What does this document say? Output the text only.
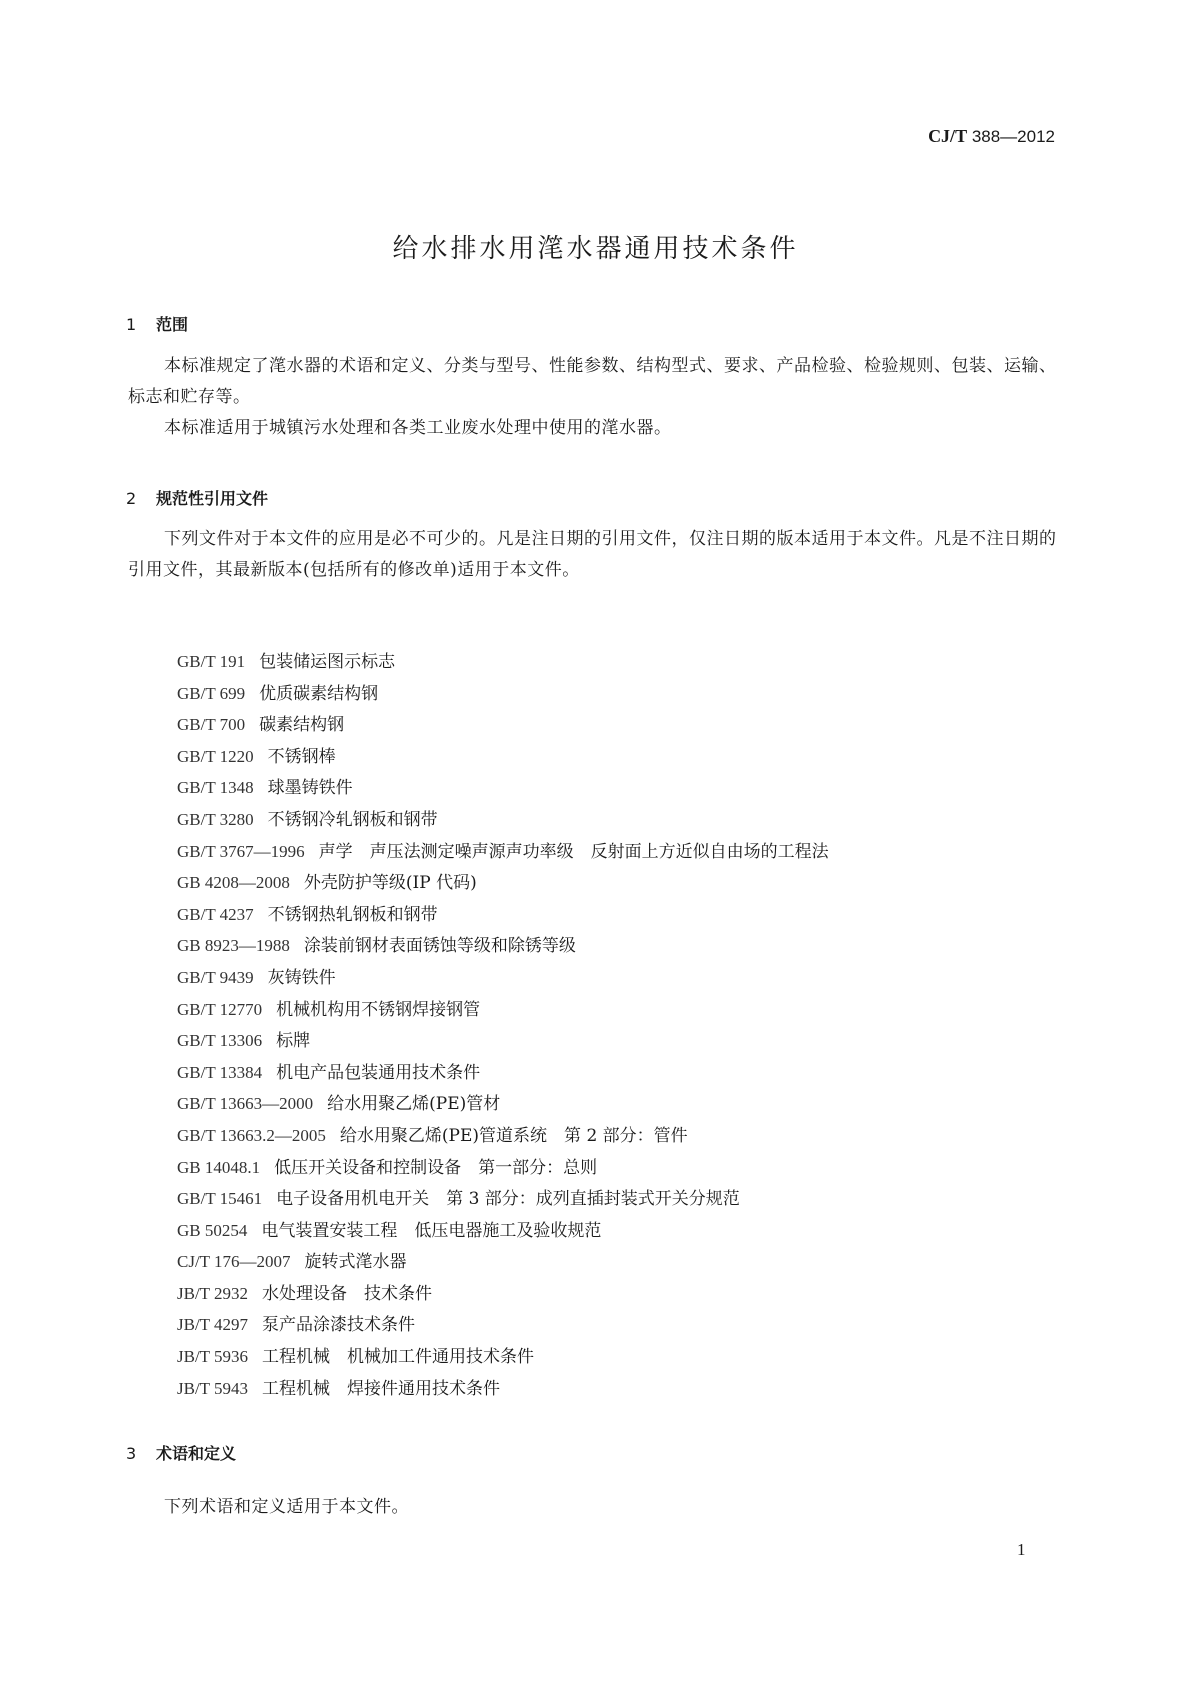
CJ/T 388—2012
给水排水用滗水器通用技术条件
1 范围

本标准规定了滗水器的术语和定义、分类与型号、性能参数、结构型式、要求、产品检验、检验规则、包装、运输、标志和贮存等。

本标准适用于城镇污水处理和各类工业废水处理中使用的滗水器。

2 规范性引用文件

下列文件对于本文件的应用是必不可少的。凡是注日期的引用文件，仅注日期的版本适用于本文件。凡是不注日期的引用文件，其最新版本(包括所有的修改单)适用于本文件。

GB/T 191 包装储运图示标志
GB/T 699 优质碳素结构钢
GB/T 700 碳素结构钢
GB/T 1220 不锈钢棒
GB/T 1348 球墨铸铁件
GB/T 3280 不锈钢冷轧钢板和钢带
GB/T 3767—1996 声学　声压法测定噪声源声功率级　反射面上方近似自由场的工程法
GB 4208—2008 外壳防护等级(IP 代码)
GB/T 4237 不锈钢热轧钢板和钢带
GB 8923—1988 涂装前钢材表面锈蚀等级和除锈等级
GB/T 9439 灰铸铁件
GB/T 12770 机械机构用不锈钢焊接钢管
GB/T 13306 标牌
GB/T 13384 机电产品包装通用技术条件
GB/T 13663—2000 给水用聚乙烯(PE)管材
GB/T 13663.2—2005 给水用聚乙烯(PE)管道系统　第 2 部分：管件
GB 14048.1 低压开关设备和控制设备　第一部分：总则
GB/T 15461 电子设备用机电开关　第 3 部分：成列直插封装式开关分规范
GB 50254 电气装置安装工程　低压电器施工及验收规范
CJ/T 176—2007 旋转式滗水器
JB/T 2932 水处理设备　技术条件
JB/T 4297 泵产品涂漆技术条件
JB/T 5936 工程机械　机械加工件通用技术条件
JB/T 5943 工程机械　焊接件通用技术条件
3 术语和定义

下列术语和定义适用于本文件。

1
